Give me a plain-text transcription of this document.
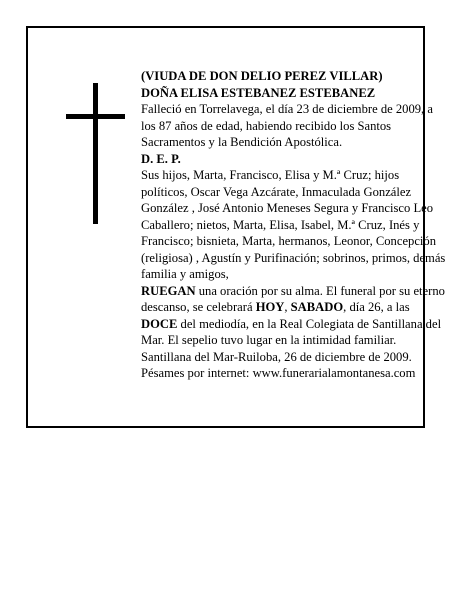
(VIUDA DE DON DELIO PEREZ VILLAR)

DOÑA ELISA ESTEBANEZ ESTEBANEZ

Falleció en Torrelavega, el día 23 de diciembre de 2009, a los 87 años de edad, habiendo recibido los Santos Sacramentos y la Bendición Apostólica.

D. E. P.

Sus hijos, Marta, Francisco, Elisa y M.ª Cruz; hijos políticos, Oscar Vega Azcárate, Inmaculada González González , José Antonio Meneses Segura y Francisco Leo Caballero; nietos, Marta, Elisa, Isabel, M.ª Cruz, Inés y Francisco; bisnieta, Marta, hermanos, Leonor, Concepción (religiosa) , Agustín y Purifinación; sobrinos, primos, demás familia y amigos,

RUEGAN una oración por su alma. El funeral por su eterno descanso, se celebrará HOY, SABADO, día 26, a las DOCE del mediodía, en la Real Colegiata de Santillana del Mar. El sepelio tuvo lugar en la intimidad familiar.

Santillana del Mar-Ruiloba, 26 de diciembre de 2009.

Pésames por internet: www.funerarialamontanesa.com
